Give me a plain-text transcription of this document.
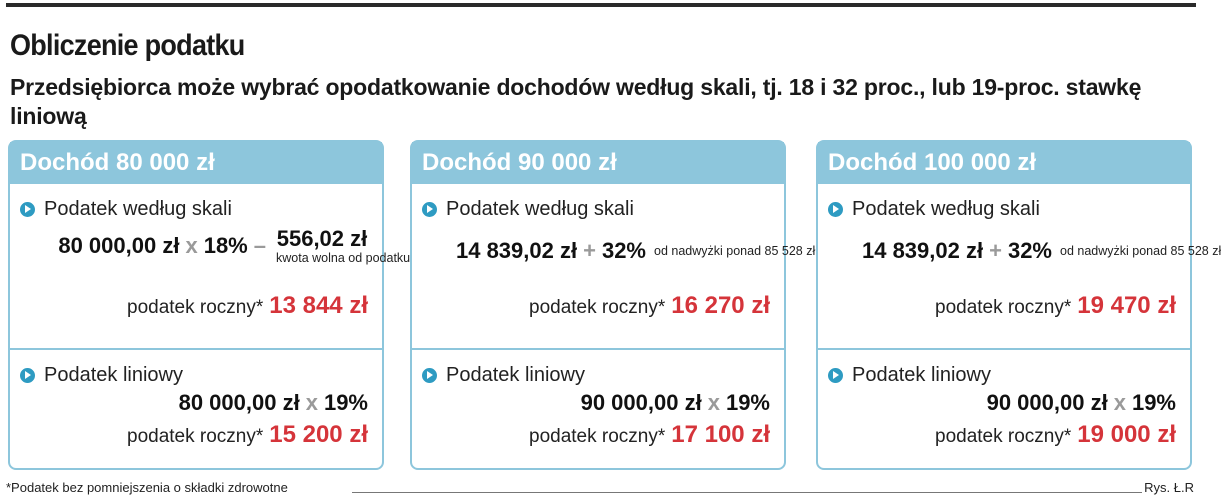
Obliczenie podatku
Przedsiębiorca może wybrać opodatkowanie dochodów według skali, tj. 18 i 32 proc., lub 19-proc. stawkę liniową
Dochód 80 000 zł
Podatek według skali
80 000,00 zł x 18% – 556,02 zł
kwota wolna od podatku
podatek roczny* 13 844 zł
Podatek liniowy
80 000,00 zł x 19%
podatek roczny* 15 200 zł
Dochód 90 000 zł
Podatek według skali
14 839,02 zł + 32% od nadwyżki ponad 85 528 zł
podatek roczny* 16 270 zł
Podatek liniowy
90 000,00 zł x 19%
podatek roczny* 17 100 zł
Dochód 100 000 zł
Podatek według skali
14 839,02 zł + 32% od nadwyżki ponad 85 528 zł
podatek roczny* 19 470 zł
Podatek liniowy
90 000,00 zł x 19%
podatek roczny* 19 000 zł
*Podatek bez pomniejszenia o składki zdrowotne	Rys. Ł.R
